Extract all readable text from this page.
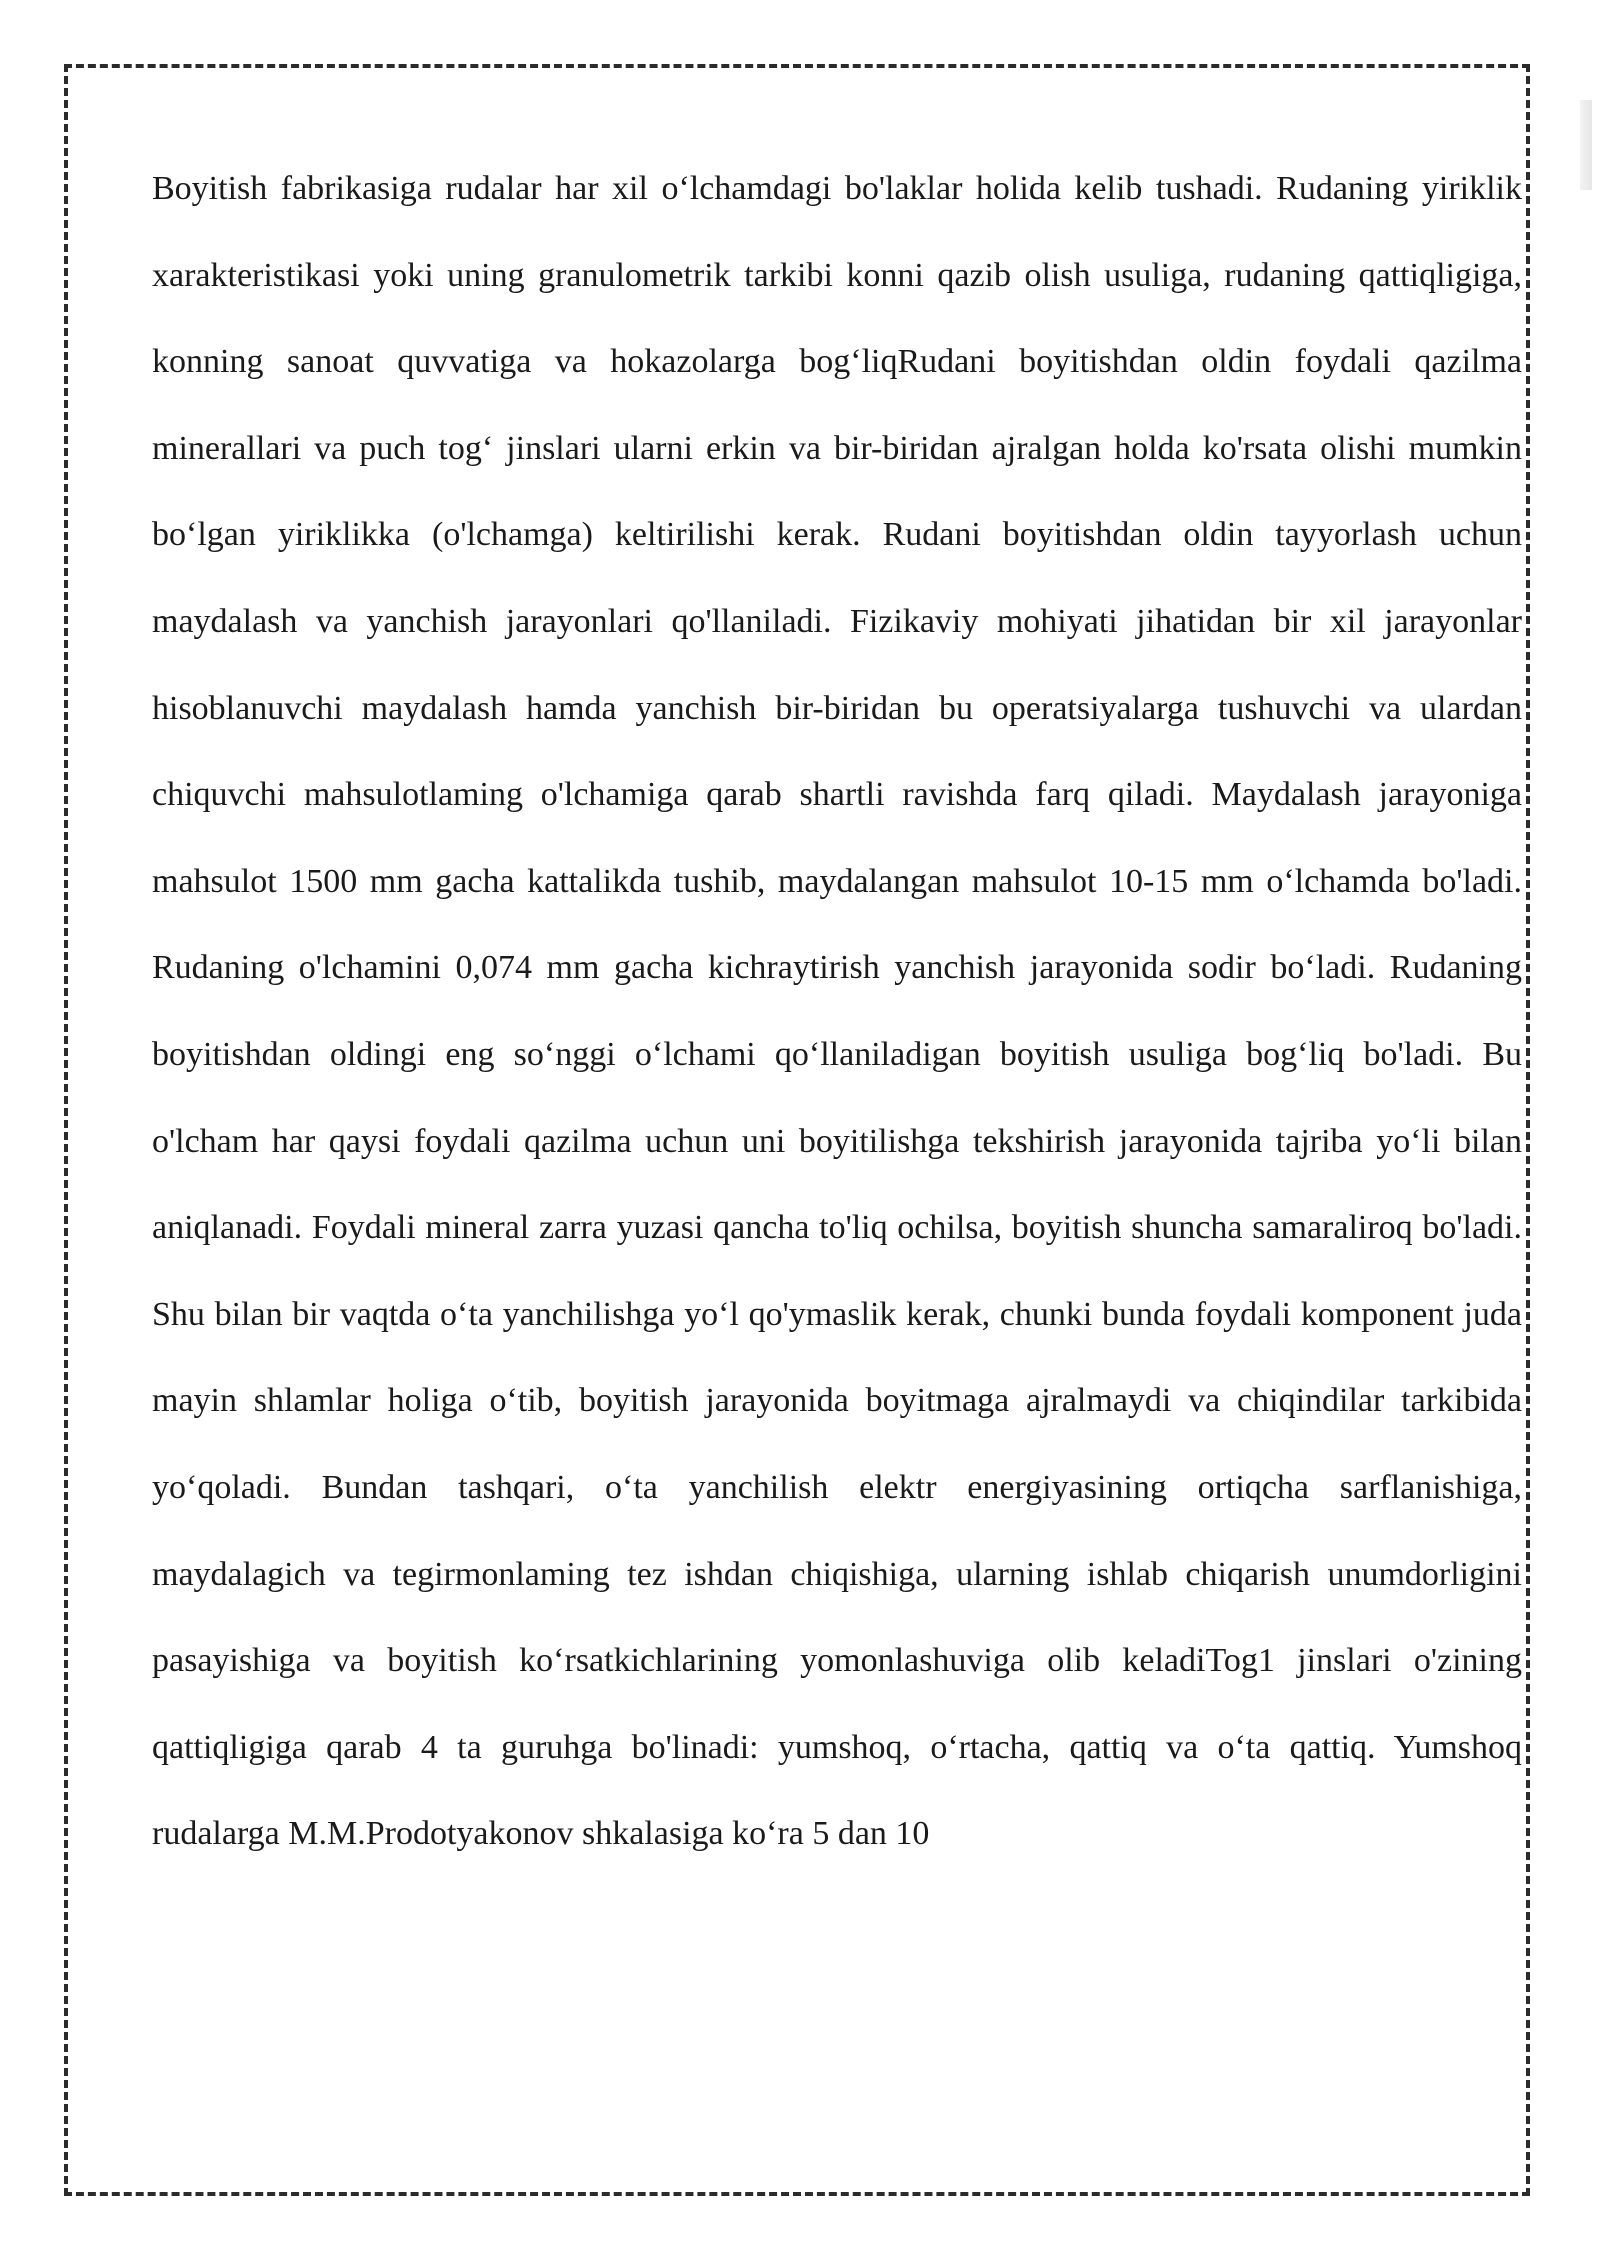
Boyitish fabrikasiga rudalar har xil o‘lchamdagi bo'laklar holida kelib tushadi. Rudaning yiriklik xarakteristikasi yoki uning granulometrik tarkibi konni qazib olish usuliga, rudaning qattiqligiga, konning sanoat quvvatiga va hokazolarga bog‘liqRudani boyitishdan oldin foydali qazilma minerallari va puch tog‘ jinslari ularni erkin va bir-biridan ajralgan holda ko'rsata olishi mumkin bo‘lgan yiriklikka (o'lchamga) keltirilishi kerak. Rudani boyitishdan oldin tayyorlash uchun maydalash va yanchish jarayonlari qo'llaniladi. Fizikaviy mohiyati jihatidan bir xil jarayonlar hisoblanuvchi maydalash hamda yanchish bir-biridan bu operatsiyalarga tushuvchi va ulardan chiquvchi mahsulotlaming o'lchamiga qarab shartli ravishda farq qiladi. Maydalash jarayoniga mahsulot 1500 mm gacha kattalikda tushib, maydalangan mahsulot 10-15 mm o‘lchamda bo'ladi. Rudaning o'lchamini 0,074 mm gacha kichraytirish yanchish jarayonida sodir bo‘ladi. Rudaning boyitishdan oldingi eng so‘nggi o‘lchami qo‘llaniladigan boyitish usuliga bog‘liq bo'ladi. Bu o'lcham har qaysi foydali qazilma uchun uni boyitilishga tekshirish jarayonida tajriba yo‘li bilan aniqlanadi. Foydali mineral zarra yuzasi qancha to'liq ochilsa, boyitish shuncha samaraliroq bo'ladi. Shu bilan bir vaqtda o‘ta yanchilishga yo‘l qo'ymaslik kerak, chunki bunda foydali komponent juda mayin shlamlar holiga o‘tib, boyitish jarayonida boyitmaga ajralmaydi va chiqindilar tarkibida yo‘qoladi. Bundan tashqari, o‘ta yanchilish elektr energiyasining ortiqcha sarflanishiga, maydalagich va tegirmonlaming tez ishdan chiqishiga, ularning ishlab chiqarish unumdorligini pasayishiga va boyitish ko‘rsatkichlarining yomonlashuviga olib keladiTog1 jinslari o'zining qattiqligiga qarab 4 ta guruhga bo'linadi: yumshoq, o‘rtacha, qattiq va o‘ta qattiq. Yumshoq rudalarga M.M.Prodotyakonov shkalasiga ko‘ra 5 dan 10
